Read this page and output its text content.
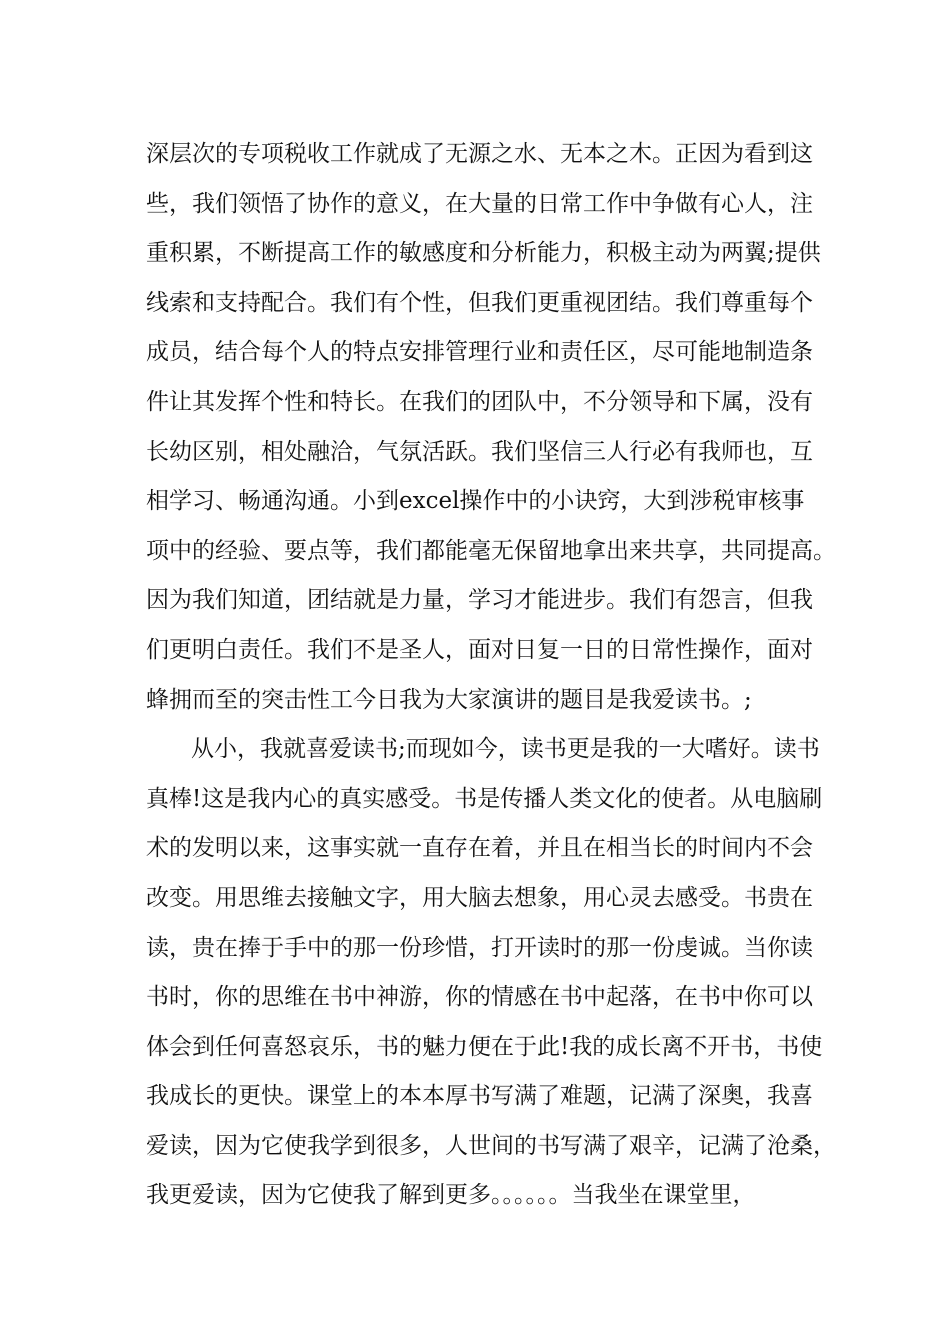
深层次的专项税收工作就成了无源之水、无本之木。正因为看到这
些，我们领悟了协作的意义，在大量的日常工作中争做有心人，注
重积累，不断提高工作的敏感度和分析能力，积极主动为两翼;提供
线索和支持配合。我们有个性，但我们更重视团结。我们尊重每个
成员，结合每个人的特点安排管理行业和责任区，尽可能地制造条
件让其发挥个性和特长。在我们的团队中，不分领导和下属，没有
长幼区别，相处融洽，气氛活跃。我们坚信三人行必有我师也，互
相学习、畅通沟通。小到excel操作中的小诀窍，大到涉税审核事
项中的经验、要点等，我们都能毫无保留地拿出来共享，共同提高。
因为我们知道，团结就是力量，学习才能进步。我们有怨言，但我
们更明白责任。我们不是圣人，面对日复一日的日常性操作，面对
蜂拥而至的突击性工今日我为大家演讲的题目是我爱读书。;
从小，我就喜爱读书;而现如今，读书更是我的一大嗜好。读书
真棒!这是我内心的真实感受。书是传播人类文化的使者。从电脑刷
术的发明以来，这事实就一直存在着，并且在相当长的时间内不会
改变。用思维去接触文字，用大脑去想象，用心灵去感受。书贵在
读，贵在捧于手中的那一份珍惜，打开读时的那一份虔诚。当你读
书时，你的思维在书中神游，你的情感在书中起落，在书中你可以
体会到任何喜怒哀乐，书的魅力便在于此!我的成长离不开书，书使
我成长的更快。课堂上的本本厚书写满了难题，记满了深奥，我喜
爱读，因为它使我学到很多，人世间的书写满了艰辛，记满了沧桑，
我更爱读，因为它使我了解到更多。。。。。。当我坐在课堂里，
